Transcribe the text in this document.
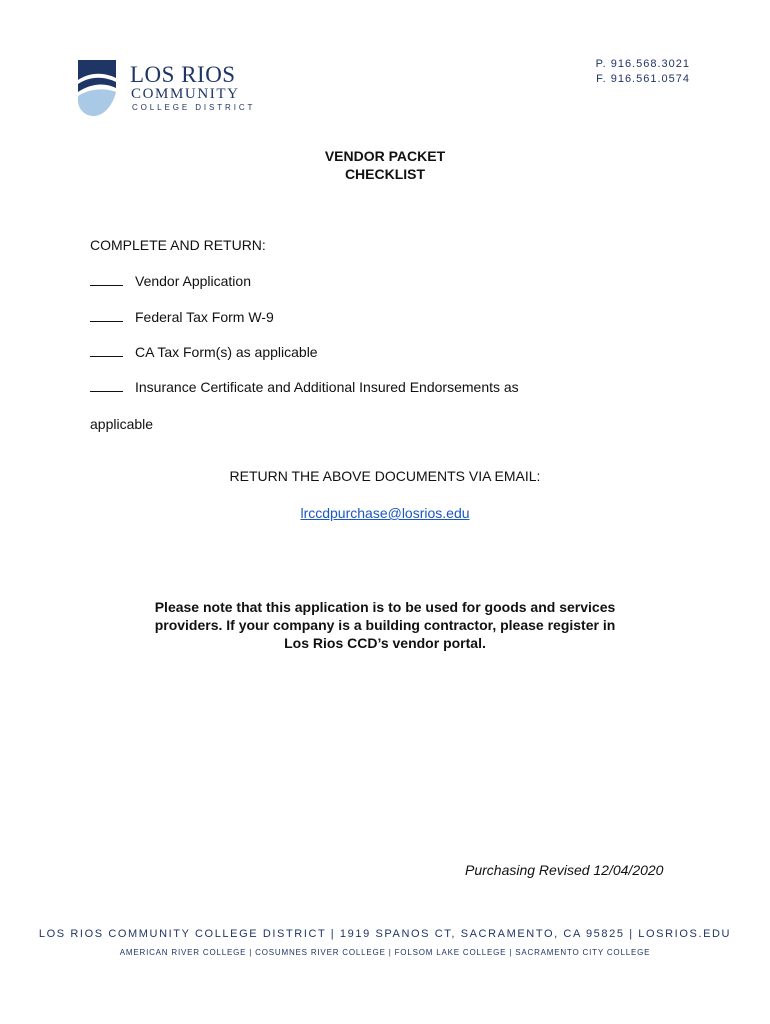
LOS RIOS
COMMUNITY
COLLEGE DISTRICT
P. 916.568.3021
F. 916.561.0574
VENDOR PACKET
CHECKLIST
COMPLETE AND RETURN:
Vendor Application
Federal Tax Form W-9
CA Tax Form(s) as applicable
Insurance Certificate and Additional Insured Endorsements as
applicable
RETURN THE ABOVE DOCUMENTS VIA EMAIL:
lrccdpurchase@losrios.edu
Please note that this application is to be used for goods and services
providers. If your company is a building contractor, please register in
Los Rios CCD’s vendor portal.
Purchasing Revised 12/04/2020
LOS RIOS COMMUNITY COLLEGE DISTRICT | 1919 SPANOS CT, SACRAMENTO, CA 95825 | LOSRIOS.EDU
AMERICAN RIVER COLLEGE | COSUMNES RIVER COLLEGE | FOLSOM LAKE COLLEGE | SACRAMENTO CITY COLLEGE
